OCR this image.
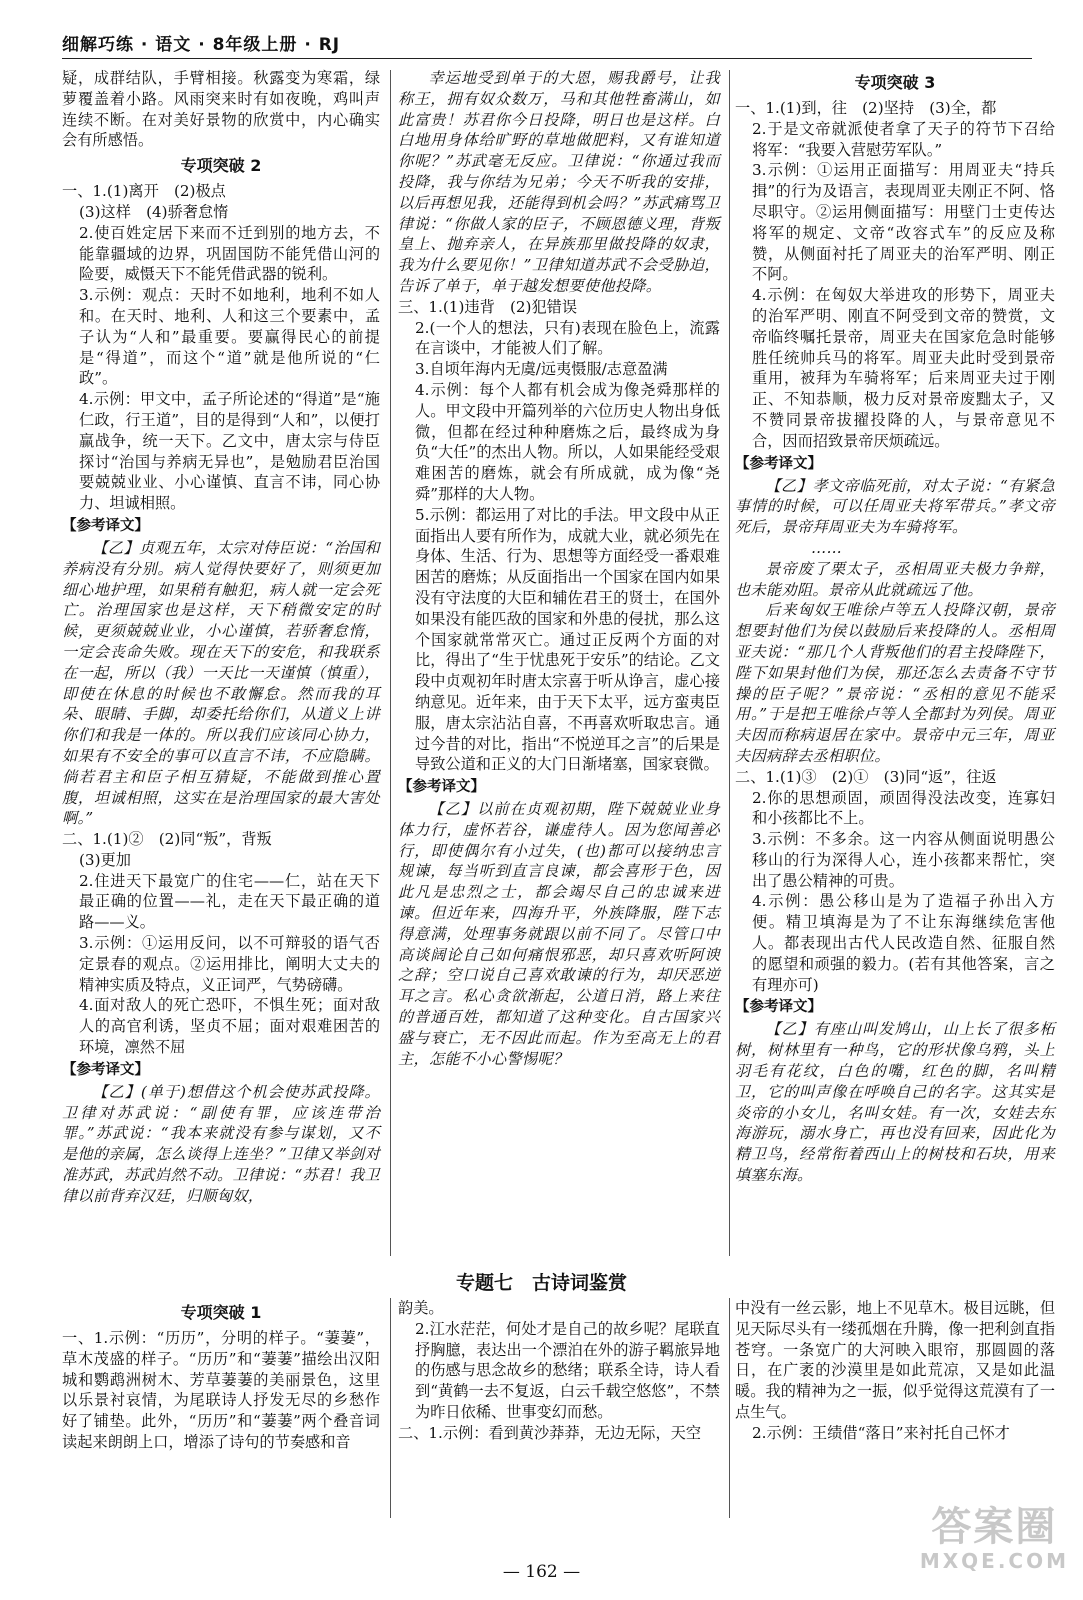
细解巧练 · 语文 · 8年级上册 · RJ

疑，成群结队，手臂相接。秋露变为寒霜，绿萝覆盖着小路。风雨突来时有如夜晚，鸡叫声连续不断。在对美好景物的欣赏中，内心确实会有所感悟。

专项突破 2

一、1.(1)离开　(2)极点

(3)这样　(4)骄奢怠惰

2.使百姓定居下来而不迁到别的地方去，不能靠疆域的边界，巩固国防不能凭借山河的险要，威慑天下不能凭借武器的锐利。

3.示例：观点：天时不如地利，地利不如人和。在天时、地利、人和这三个要素中，孟子认为“人和”最重要。要赢得民心的前提是“得道”，而这个“道”就是他所说的“仁政”。

4.示例：甲文中，孟子所论述的“得道”是“施仁政，行王道”，目的是得到“人和”，以便打赢战争，统一天下。乙文中，唐太宗与侍臣探讨“治国与养病无异也”，是勉励君臣治国要兢兢业业、小心谨慎、直言不讳，同心协力、坦诚相照。

【参考译文】

【乙】贞观五年，太宗对侍臣说：“治国和养病没有分别。病人觉得快要好了，则须更加细心地护理，如果稍有触犯，病人就一定会死亡。治理国家也是这样，天下稍微安定的时候，更须兢兢业业，小心谨慎，若骄奢怠惰，一定会丧命失败。现在天下的安危，和我联系在一起，所以（我）一天比一天谨慎（慎重），即使在休息的时候也不敢懈怠。然而我的耳朵、眼睛、手脚，却委托给你们，从道义上讲你们和我是一体的。所以我们应该同心协力，如果有不安全的事可以直言不讳，不应隐瞒。倘若君主和臣子相互猜疑，不能做到推心置腹，坦诚相照，这实在是治理国家的最大害处啊。”

二、1.(1)②　(2)同“叛”，背叛

(3)更加

2.住进天下最宽广的住宅——仁，站在天下最正确的位置——礼，走在天下最正确的道路——义。

3.示例：①运用反问，以不可辩驳的语气否定景春的观点。②运用排比，阐明大丈夫的精神实质及特点，义正词严，气势磅礴。

4.面对敌人的死亡恐吓，不惧生死；面对敌人的高官利诱，坚贞不屈；面对艰难困苦的环境，凛然不屈

【参考译文】

【乙】(单于)想借这个机会使苏武投降。卫律对苏武说：“副使有罪，应该连带治罪。”苏武说：“我本来就没有参与谋划，又不是他的亲属，怎么谈得上连坐？”卫律又举剑对准苏武，苏武岿然不动。卫律说：“苏君！我卫律以前背弃汉廷，归顺匈奴，

幸运地受到单于的大恩，赐我爵号，让我称王，拥有奴众数万，马和其他牲畜满山，如此富贵！苏君你今日投降，明日也是这样。白白地用身体给旷野的草地做肥料，又有谁知道你呢？”苏武毫无反应。卫律说：“你通过我而投降，我与你结为兄弟；今天不听我的安排，以后再想见我，还能得到机会吗？”苏武痛骂卫律说：“你做人家的臣子，不顾恩德义理，背叛皇上、抛弃亲人，在异族那里做投降的奴隶，我为什么要见你！”卫律知道苏武不会受胁迫，告诉了单于，单于越发想要使他投降。

三、1.(1)违背　(2)犯错误

2.(一个人的想法，只有)表现在脸色上，流露在言谈中，才能被人们了解。

3.自顷年海内无虞/远夷慑服/志意盈满

4.示例：每个人都有机会成为像尧舜那样的人。甲文段中开篇列举的六位历史人物出身低微，但都在经过种种磨炼之后，最终成为身负“大任”的杰出人物。所以，人如果能经受艰难困苦的磨炼，就会有所成就，成为像“尧舜”那样的大人物。

5.示例：都运用了对比的手法。甲文段中从正面指出人要有所作为，成就大业，就必须先在身体、生活、行为、思想等方面经受一番艰难困苦的磨炼；从反面指出一个国家在国内如果没有守法度的大臣和辅佐君王的贤士，在国外如果没有能匹敌的国家和外患的侵扰，那么这个国家就常常灭亡。通过正反两个方面的对比，得出了“生于忧患死于安乐”的结论。乙文段中贞观初年时唐太宗喜于听从诤言，虚心接纳意见。近年来，由于天下太平，远方蛮夷臣服，唐太宗沾沾自喜，不再喜欢听取忠言。通过今昔的对比，指出“不悦逆耳之言”的后果是导致公道和正义的大门日渐堵塞，国家衰微。

【参考译文】

【乙】以前在贞观初期，陛下兢兢业业身体力行，虚怀若谷，谦虚待人。因为您闻善必行，即使偶尔有小过失，(也)都可以接纳忠言规谏，每当听到直言良谏，都会喜形于色，因此凡是忠烈之士，都会竭尽自己的忠诚来进谏。但近年来，四海升平，外族降服，陛下志得意满，处理事务就跟以前不同了。尽管口中高谈阔论自己如何痛恨邪恶，却只喜欢听阿谀之辞；空口说自己喜欢敢谏的行为，却厌恶逆耳之言。私心贪欲渐起，公道日消，路上来往的普通百姓，都知道了这种变化。自古国家兴盛与衰亡，无不因此而起。作为至高无上的君主，怎能不小心警惕呢？

专项突破 3

一、1.(1)到，往　(2)坚持　(3)全，都

2.于是文帝就派使者拿了天子的符节下召给将军：“我要入营慰劳军队。”

3.示例：①运用正面描写：用周亚夫“持兵揖”的行为及语言，表现周亚夫刚正不阿、恪尽职守。②运用侧面描写：用壁门士吏传达将军的规定、文帝“改容式车”的反应及称赞，从侧面衬托了周亚夫的治军严明、刚正不阿。

4.示例：在匈奴大举进攻的形势下，周亚夫的治军严明、刚直不阿受到文帝的赞赏，文帝临终嘱托景帝，周亚夫在国家危急时能够胜任统帅兵马的将军。周亚夫此时受到景帝重用，被拜为车骑将军；后来周亚夫过于刚正、不知恭顺，极力反对景帝废黜太子，又不赞同景帝拔擢投降的人，与景帝意见不合，因而招致景帝厌烦疏远。

【参考译文】

【乙】孝文帝临死前，对太子说：“有紧急事情的时候，可以任周亚夫将军带兵。”孝文帝死后，景帝拜周亚夫为车骑将军。

……

景帝废了栗太子，丞相周亚夫极力争辩，也未能劝阻。景帝从此就疏远了他。

后来匈奴王唯徐卢等五人投降汉朝，景帝想要封他们为侯以鼓励后来投降的人。丞相周亚夫说：“那几个人背叛他们的君主投降陛下，陛下如果封他们为侯，那还怎么去责备不守节操的臣子呢？”景帝说：“丞相的意见不能采用。”于是把王唯徐卢等人全都封为列侯。周亚夫因而称病退居在家中。景帝中元三年，周亚夫因病辞去丞相职位。

二、1.(1)③　(2)①　(3)同“返”，往返

2.你的思想顽固，顽固得没法改变，连寡妇和小孩都比不上。

3.示例：不多余。这一内容从侧面说明愚公移山的行为深得人心，连小孩都来帮忙，突出了愚公精神的可贵。

4.示例：愚公移山是为了造福子孙出入方便。精卫填海是为了不让东海继续危害他人。都表现出古代人民改造自然、征服自然的愿望和顽强的毅力。(若有其他答案，言之有理亦可)

【参考译文】

【乙】有座山叫发鸠山，山上长了很多柘树，树林里有一种鸟，它的形状像乌鸦，头上羽毛有花纹，白色的嘴，红色的脚，名叫精卫，它的叫声像在呼唤自己的名字。这其实是炎帝的小女儿，名叫女娃。有一次，女娃去东海游玩，溺水身亡，再也没有回来，因此化为精卫鸟，经常衔着西山上的树枝和石块，用来填塞东海。

专题七　古诗词鉴赏

专项突破 1

一、1.示例：“历历”，分明的样子。“萋萋”，草木茂盛的样子。“历历”和“萋萋”描绘出汉阳城和鹦鹉洲树木、芳草萋萋的美丽景色，这里以乐景衬哀情，为尾联诗人抒发无尽的乡愁作好了铺垫。此外，“历历”和“萋萋”两个叠音词读起来朗朗上口，增添了诗句的节奏感和音

韵美。

2.江水茫茫，何处才是自己的故乡呢？尾联直抒胸臆，表达出一个漂泊在外的游子羁旅异地的伤感与思念故乡的愁绪；联系全诗，诗人看到“黄鹤一去不复返，白云千载空悠悠”，不禁为昨日依稀、世事变幻而愁。

二、1.示例：看到黄沙莽莽，无边无际，天空

中没有一丝云影，地上不见草木。极目远眺，但见天际尽头有一缕孤烟在升腾，像一把利剑直指苍穹。一条宽广的大河映入眼帘，那圆圆的落日，在广袤的沙漠里是如此荒凉，又是如此温暖。我的精神为之一振，似乎觉得这荒漠有了一点生气。

2.示例：王绩借“落日”来衬托自己怀才

— 162 —
答案圈
MXQE.COM
